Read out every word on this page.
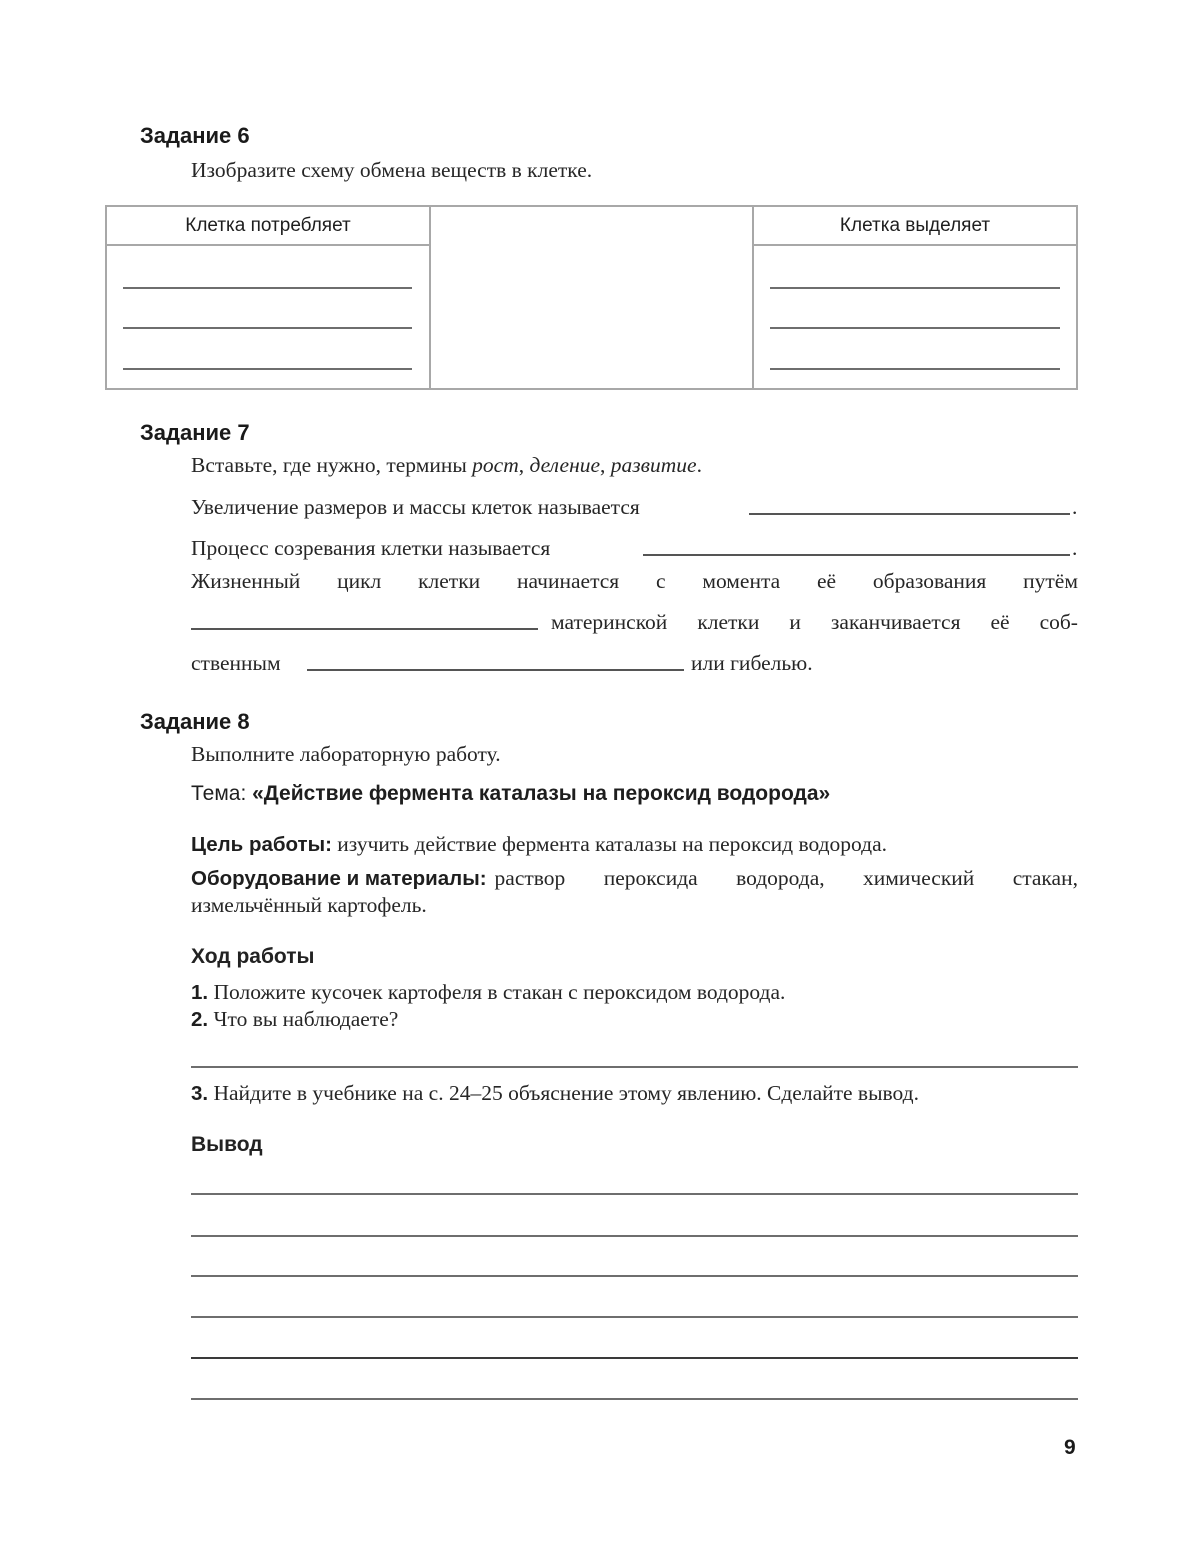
Задание 6
Изобразите схему обмена веществ в клетке.
Клетка потребляет	Клетка выделяет
Задание 7
Вставьте, где нужно, термины рост, деление, развитие.
Увеличение размеров и массы клеток называется	.
Процесс созревания клетки называется	.
Жизненный цикл клетки начинается с момента её образования путём
материнской клетки и заканчивается её соб-
ственным	или гибелью.
Задание 8
Выполните лабораторную работу.
Тема: «Действие фермента каталазы на пероксид водорода»
Цель работы: изучить действие фермента каталазы на пероксид водорода.
Оборудование и материалы: раствор пероксида водорода, химический стакан,
измельчённый картофель.
Ход работы
1. Положите кусочек картофеля в стакан с пероксидом водорода.
2. Что вы наблюдаете?
3. Найдите в учебнике на с. 24–25 объяснение этому явлению. Сделайте вывод.
Вывод
9
